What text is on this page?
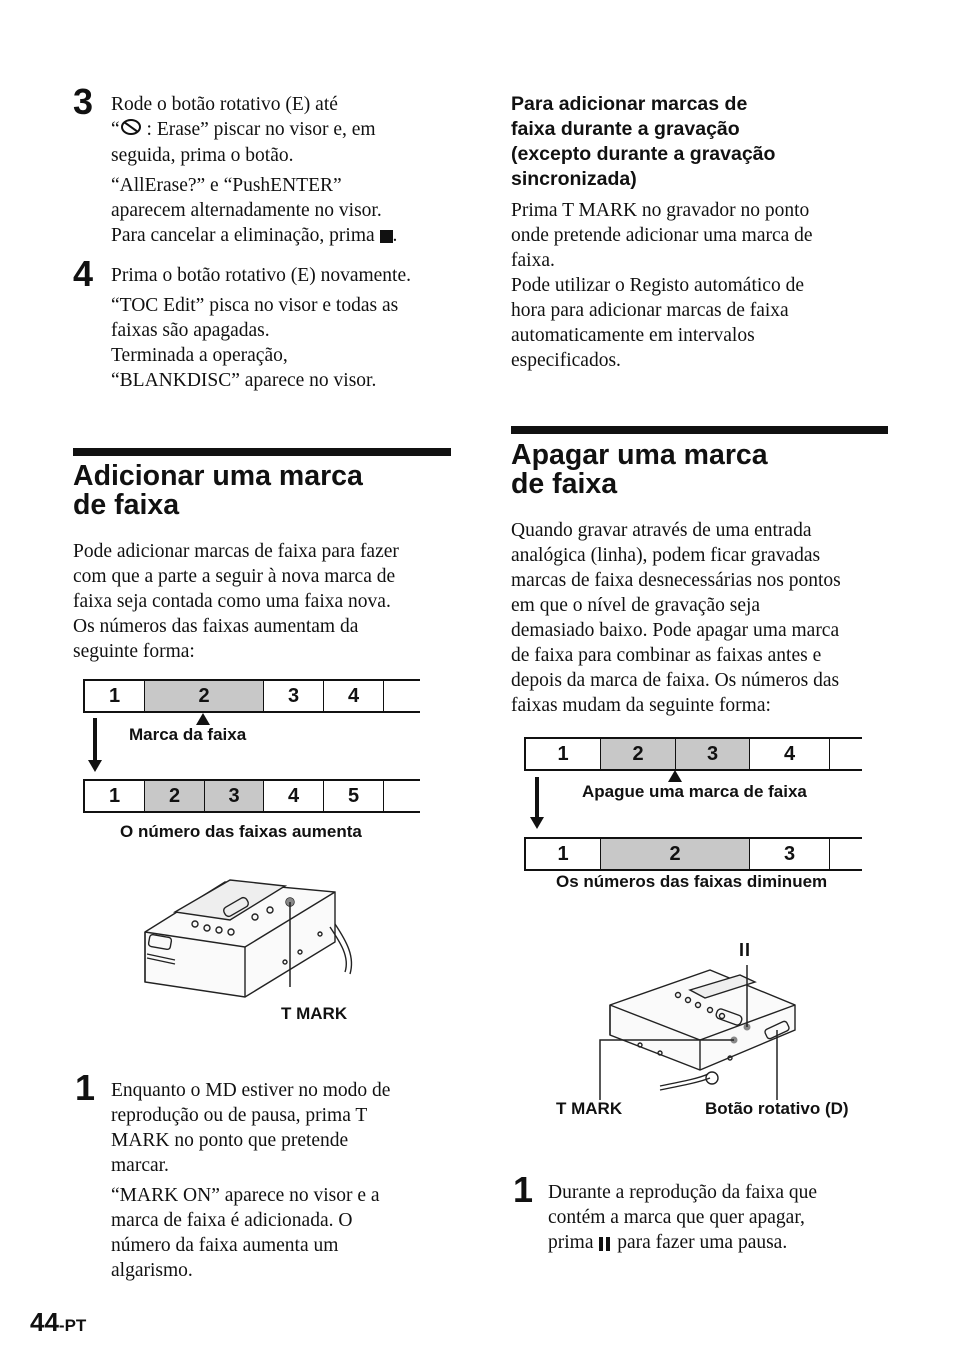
3 Rode o botão rotativo (E) até
“ : Erase” piscar no visor e, em
seguida, prima o botão.
“AllErase?” e “PushENTER”
aparecem alternadamente no visor.
Para cancelar a eliminação, prima .
4 Prima o botão rotativo (E) novamente.
“TOC Edit” pisca no visor e todas as
faixas são apagadas.
Terminada a operação,
“BLANKDISC” aparece no visor.
Adicionar uma marca
de faixa
Pode adicionar marcas de faixa para fazer
com que a parte a seguir à nova marca de
faixa seja contada como uma faixa nova.
Os números das faixas aumentam da
seguinte forma:
1	2	3	4
Marca da faixa
1	2	3	4	5
O número das faixas aumenta
T MARK
1 Enquanto o MD estiver no modo de
reprodução ou de pausa, prima T
MARK no ponto que pretende
marcar.
“MARK ON” aparece no visor e a
marca de faixa é adicionada. O
número da faixa aumenta um
algarismo.
44-PT
Para adicionar marcas de
faixa durante a gravação
(excepto durante a gravação
sincronizada)
Prima T MARK no gravador no ponto
onde pretende adicionar uma marca de
faixa.
Pode utilizar o Registo automático de
hora para adicionar marcas de faixa
automaticamente em intervalos
especificados.
Apagar uma marca
de faixa
Quando gravar através de uma entrada
analógica (linha), podem ficar gravadas
marcas de faixa desnecessárias nos pontos
em que o nível de gravação seja
demasiado baixo. Pode apagar uma marca
de faixa para combinar as faixas antes e
depois da marca de faixa. Os números das
faixas mudam da seguinte forma:
1	2	3	4
Apague uma marca de faixa
1	2	3
Os números das faixas diminuem
II
T MARK	Botão rotativo (D)
1 Durante a reprodução da faixa que
contém a marca que quer apagar,
prima
para fazer uma pausa.
